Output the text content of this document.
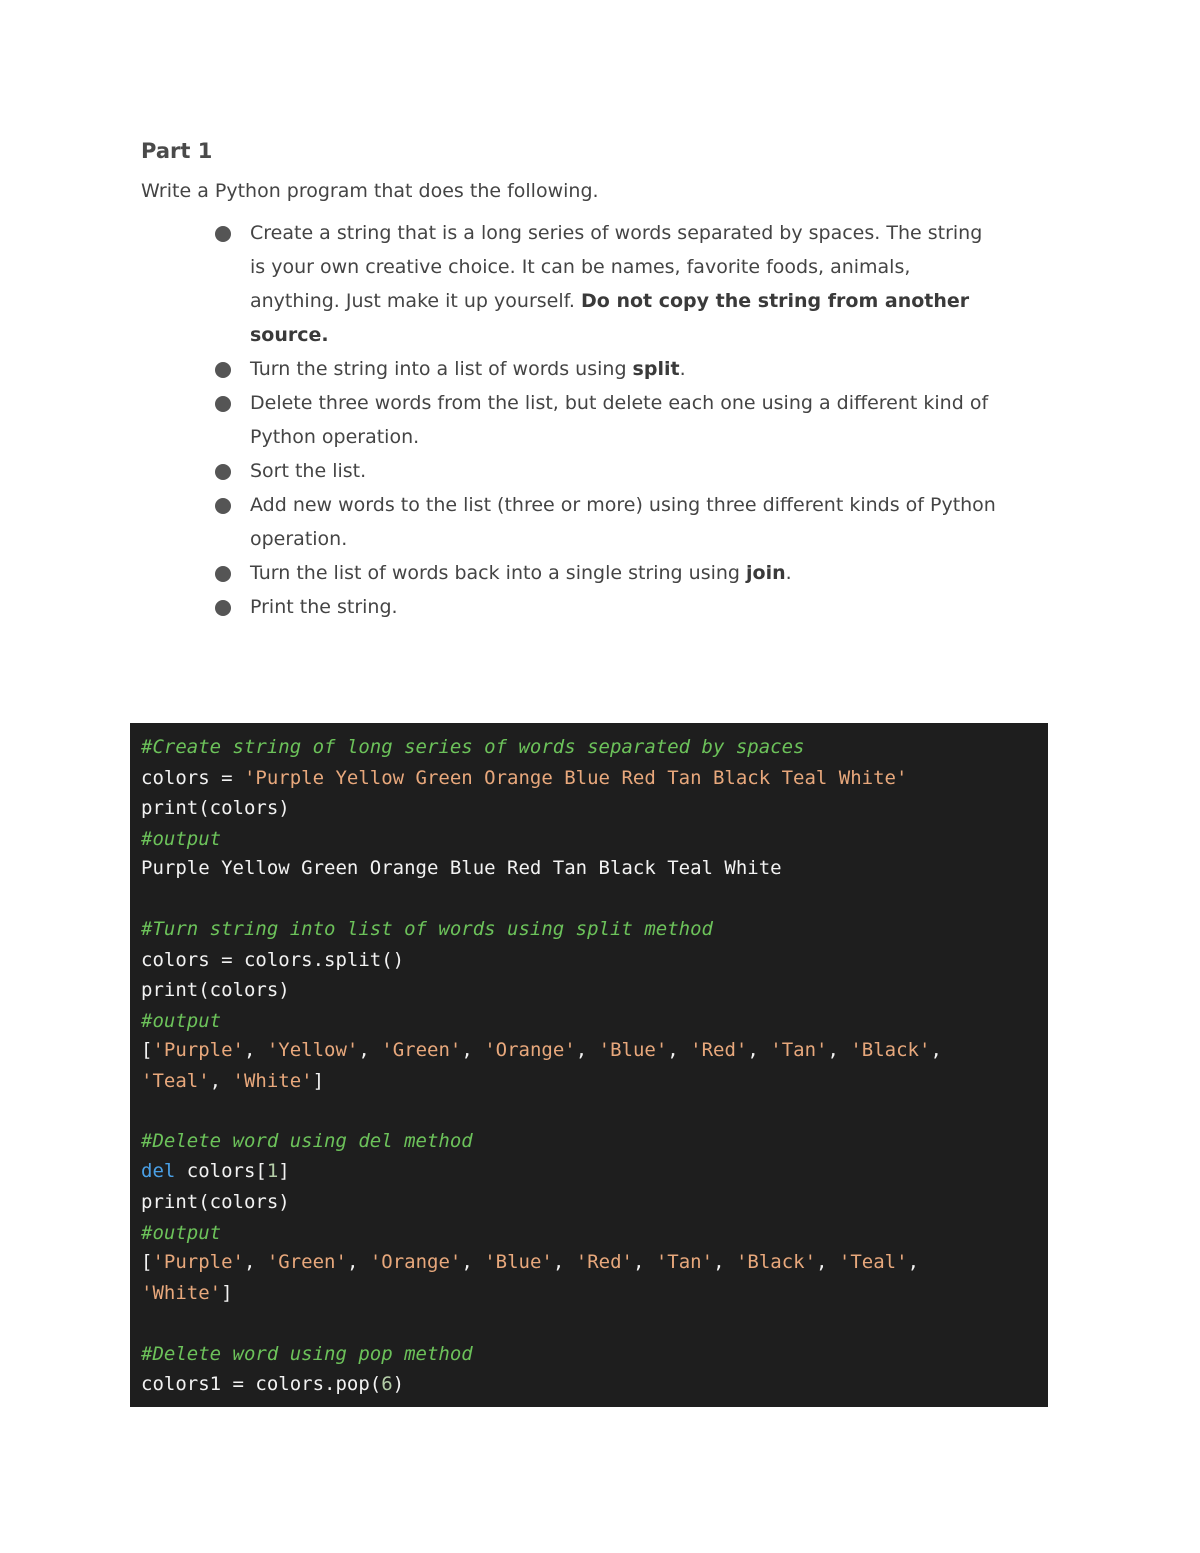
Part 1
Write a Python program that does the following.
Create a string that is a long series of words separated by spaces. The string
is your own creative choice. It can be names, favorite foods, animals,
anything. Just make it up yourself. Do not copy the string from another
source.
Turn the string into a list of words using split.
Delete three words from the list, but delete each one using a different kind of
Python operation.
Sort the list.
Add new words to the list (three or more) using three different kinds of Python
operation.
Turn the list of words back into a single string using join.
Print the string.
#Create string of long series of words separated by spaces
colors = 'Purple Yellow Green Orange Blue Red Tan Black Teal White'
print(colors)
#output
Purple Yellow Green Orange Blue Red Tan Black Teal White
#Turn string into list of words using split method
colors = colors.split()
print(colors)
#output
['Purple', 'Yellow', 'Green', 'Orange', 'Blue', 'Red', 'Tan', 'Black',
'Teal', 'White']
#Delete word using del method
del colors[1]
print(colors)
#output
['Purple', 'Green', 'Orange', 'Blue', 'Red', 'Tan', 'Black', 'Teal',
'White']
#Delete word using pop method
colors1 = colors.pop(6)
